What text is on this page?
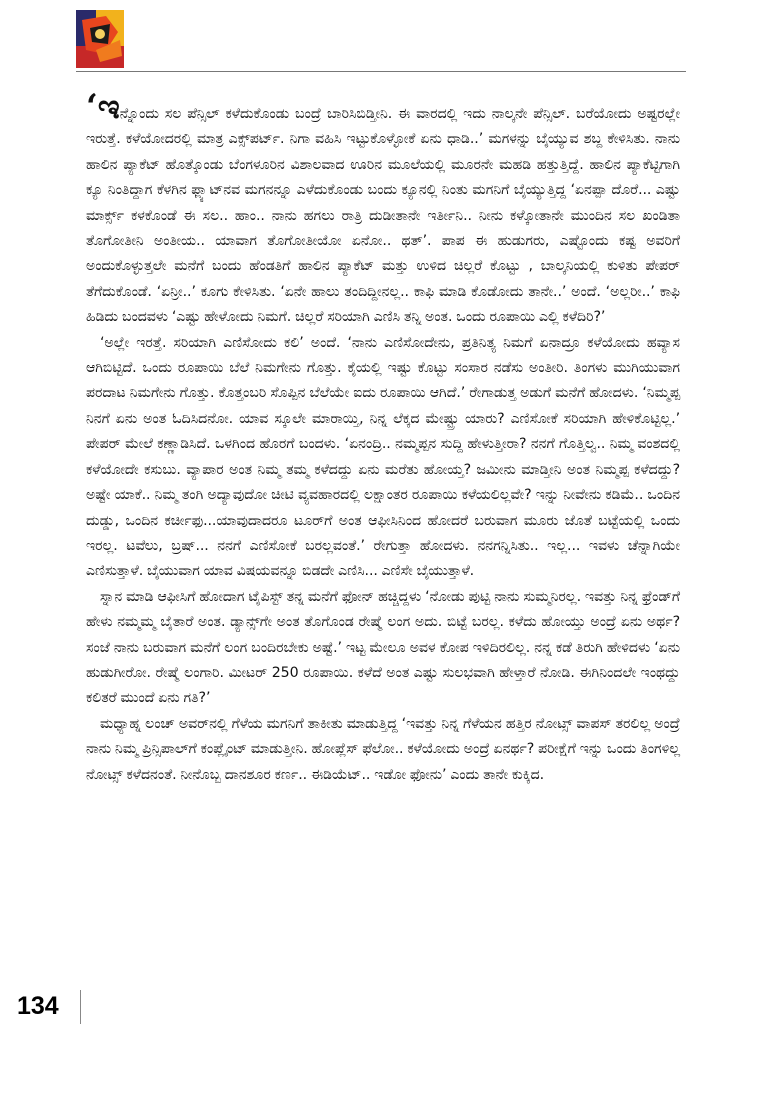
‘ಇನ್ನೊಂದು ಸಲ ಪೆನ್ಸಿಲ್ ಕಳೆದುಕೊಂಡು ಬಂದ್ರೆ ಬಾರಿಸಿಬಿಡ್ತೀನಿ. ಈ ವಾರದಲ್ಲಿ ಇದು ನಾಲ್ಕನೇ ಪೆನ್ಸಿಲ್. ಬರೆಯೋದು ಅಷ್ಟರಲ್ಲೇ ಇರುತ್ತೆ. ಕಳೆಯೋದರಲ್ಲಿ ಮಾತ್ರ ಎಕ್ಸ್‌ಪರ್ಟ್. ನಿಗಾ ವಹಿಸಿ ಇಟ್ಟುಕೊಳ್ಳೋಕೆ ಏನು ಧಾಡಿ..’ ಮಗಳನ್ನು ಬೈಯ್ಯುವ ಶಬ್ದ ಕೇಳಿಸಿತು. ನಾನು ಹಾಲಿನ ಪ್ಯಾಕೆಟ್ ಹೊತ್ಕೊಂಡು ಬೆಂಗಳೂರಿನ ವಿಶಾಲವಾದ ಊರಿನ ಮೂಲೆಯಲ್ಲಿ ಮೂರನೇ ಮಹಡಿ ಹತ್ತುತ್ತಿದ್ದೆ. ಹಾಲಿನ ಪ್ಯಾಕೆಟ್ಟಿಗಾಗಿ ಕ್ಯೂ ನಿಂತಿದ್ದಾಗ ಕೆಳಗಿನ ಫ್ಲ್ಯಾಟ್‌ನವ ಮಗನನ್ನೂ ಎಳೆದುಕೊಂಡು ಬಂದು ಕ್ಯೂನಲ್ಲಿ ನಿಂತು ಮಗನಿಗೆ ಬೈಯ್ಯುತ್ತಿದ್ದ ‘ಏನಪ್ಪಾ ದೊರೆ... ಎಷ್ಟು ಮಾರ್ಕ್ಸ್ ಕಳಕೊಂಡೆ ಈ ಸಲ.. ಹಾಂ.. ನಾನು ಹಗಲು ರಾತ್ರಿ ದುಡೀತಾನೇ ಇರ್ತೀನಿ.. ನೀನು ಕಳ್ಕೋತಾನೇ ಮುಂದಿನ ಸಲ ಖಂಡಿತಾ ತೊಗೋತೀನಿ ಅಂತೀಯ.. ಯಾವಾಗ ತೊಗೋತೀಯೋ ಏನೋ.. ಥತ್’. ಪಾಪ ಈ ಹುಡುಗರು, ಎಷ್ಟೊಂದು ಕಷ್ಟ ಅವರಿಗೆ ಅಂದುಕೊಳ್ಳುತ್ತಲೇ ಮನೆಗೆ ಬಂದು ಹೆಂಡತಿಗೆ ಹಾಲಿನ ಪ್ಯಾಕೆಟ್ ಮತ್ತು ಉಳಿದ ಚಿಲ್ಲರೆ ಕೊಟ್ಟು , ಬಾಲ್ಕನಿಯಲ್ಲಿ ಕುಳಿತು ಪೇಪರ್ ತೆಗೆದುಕೊಂಡೆ. ‘ಏನ್ರೀ..’ ಕೂಗು ಕೇಳಿಸಿತು. ‘ಏನೇ ಹಾಲು ತಂದಿದ್ದೀನಲ್ಲ.. ಕಾಫಿ ಮಾಡಿ ಕೊಡೋದು ತಾನೇ..’ ಅಂದೆ. ‘ಅಲ್ಲರೀ..’ ಕಾಫಿ ಹಿಡಿದು ಬಂದವಳು ‘ಎಷ್ಟು ಹೇಳೋದು ನಿಮಗೆ. ಚಿಲ್ಲರೆ ಸರಿಯಾಗಿ ಎಣಿಸಿ ತನ್ನಿ ಅಂತ. ಒಂದು ರೂಪಾಯಿ ಎಲ್ಲಿ ಕಳೆದಿರಿ?’

‘ಅಲ್ಲೇ ಇರತ್ತೆ. ಸರಿಯಾಗಿ ಎಣಿಸೋದು ಕಲಿ’ ಅಂದೆ. ‘ನಾನು ಎಣಿಸೋದೇನು, ಪ್ರತಿನಿತ್ಯ ನಿಮಗೆ ಏನಾದ್ರೂ ಕಳೆಯೋದು ಹವ್ಯಾಸ ಆಗಿಬಿಟ್ಟಿದೆ. ಒಂದು ರೂಪಾಯಿ ಬೆಲೆ ನಿಮಗೇನು ಗೊತ್ತು. ಕೈಯಲ್ಲಿ ಇಷ್ಟು ಕೊಟ್ಟು ಸಂಸಾರ ನಡೆಸು ಅಂತೀರಿ. ತಿಂಗಳು ಮುಗಿಯುವಾಗ ಪರದಾಟ ನಿಮಗೇನು ಗೊತ್ತು. ಕೊತ್ತಂಬರಿ ಸೊಪ್ಪಿನ ಬೆಲೆಯೇ ಐದು ರೂಪಾಯಿ ಆಗಿದೆ.’ ರೇಗಾಡುತ್ತ ಅಡುಗೆ ಮನೆಗೆ ಹೋದಳು. ‘ನಿಮ್ಮಪ್ಪ ನಿನಗೆ ಏನು ಅಂತ ಓದಿಸಿದನೋ. ಯಾವ ಸ್ಕೂಲೇ ಮಾರಾಯ್ತಿ, ನಿನ್ನ ಲೆಕ್ಕದ ಮೇಷ್ಟ್ರು ಯಾರು? ಎಣಿಸೋಕೆ ಸರಿಯಾಗಿ ಹೇಳಿಕೊಟ್ಟಿಲ್ಲ.’ ಪೇಪರ್ ಮೇಲೆ ಕಣ್ಣಾಡಿಸಿದೆ. ಒಳಗಿಂದ ಹೊರಗೆ ಬಂದಳು. ‘ಏನಂದ್ರಿ.. ನಮ್ಮಪ್ಪನ ಸುದ್ದಿ ಹೇಳುತ್ತೀರಾ? ನನಗೆ ಗೊತ್ತಿಲ್ವ.. ನಿಮ್ಮ ವಂಶದಲ್ಲಿ ಕಳೆಯೋದೇ ಕಸುಬು. ವ್ಯಾಪಾರ ಅಂತ ನಿಮ್ಮ ತಮ್ಮ ಕಳೆದದ್ದು ಏನು ಮರೆತು ಹೋಯ್ತ? ಜಮೀನು ಮಾಡ್ತೀನಿ ಅಂತ ನಿಮ್ಮಪ್ಪ ಕಳೆದದ್ದು? ಅಷ್ಟೇ ಯಾಕೆ.. ನಿಮ್ಮ ತಂಗಿ ಅದ್ಯಾವುದೋ ಚೀಟಿ ವ್ಯವಹಾರದಲ್ಲಿ ಲಕ್ಷಾಂತರ ರೂಪಾಯಿ ಕಳೆಯಲಿಲ್ಲವೇ? ಇನ್ನು ನೀವೇನು ಕಡಿಮೆ.. ಒಂದಿನ ದುಡ್ಡು, ಒಂದಿನ ಕರ್ಚೀಫು...ಯಾವುದಾದರೂ ಟೂರ್‌ಗೆ ಅಂತ ಆಫೀಸಿನಿಂದ ಹೋದರೆ ಬರುವಾಗ ಮೂರು ಜೊತೆ ಬಟ್ಟೆಯಲ್ಲಿ ಒಂದು ಇರಲ್ಲ. ಟವೆಲು, ಬ್ರಷ್... ನನಗೆ ಎಣಿಸೋಕೆ ಬರಲ್ಲವಂತೆ.’ ರೇಗುತ್ತಾ ಹೋದಳು. ನನಗನ್ನಿಸಿತು.. ಇಲ್ಲ... ಇವಳು ಚೆನ್ನಾಗಿಯೇ ಎಣಿಸುತ್ತಾಳೆ. ಬೈಯುವಾಗ ಯಾವ ವಿಷಯವನ್ನೂ ಬಿಡದೇ ಎಣಿಸಿ... ಎಣಿಸೇ ಬೈಯುತ್ತಾಳೆ.

ಸ್ನಾನ ಮಾಡಿ ಆಫೀಸಿಗೆ ಹೋದಾಗ ಟೈಪಿಸ್ಟ್ ತನ್ನ ಮನೆಗೆ ಫೋನ್ ಹಚ್ಚಿದ್ದಳು ‘ನೋಡು ಪುಟ್ಟಿ ನಾನು ಸುಮ್ಮನಿರಲ್ಲ. ಇವತ್ತು ನಿನ್ನ ಫ್ರೆಂಡ್‌ಗೆ ಹೇಳು ನಮ್ಮಮ್ಮ ಬೈತಾರೆ ಅಂತ. ಡ್ಯಾನ್ಸ್‌ಗೇ ಅಂತ ತೊಗೊಂಡ ರೇಷ್ಮೆ ಲಂಗ ಅದು. ಬಿಟ್ಟೆ ಬರಲ್ಲ. ಕಳೆದು ಹೋಯ್ತು ಅಂದ್ರೆ ಏನು ಅರ್ಥ? ಸಂಜೆ ನಾನು ಬರುವಾಗ ಮನೆಗೆ ಲಂಗ ಬಂದಿರಬೇಕು ಅಷ್ಟೆ.’ ಇಟ್ಟ ಮೇಲೂ ಅವಳ ಕೋಪ ಇಳಿದಿರಲಿಲ್ಲ. ನನ್ನ ಕಡೆ ತಿರುಗಿ ಹೇಳಿದಳು ‘ಏನು ಹುಡುಗೀರೋ. ರೇಷ್ಮೆ ಲಂಗಾರಿ. ಮೀಟರ್ 250 ರೂಪಾಯಿ. ಕಳೆದೆ ಅಂತ ಎಷ್ಟು ಸುಲಭವಾಗಿ ಹೇಳ್ತಾರೆ ನೋಡಿ. ಈಗಿನಿಂದಲೇ ಇಂಥದ್ದು ಕಲಿತರೆ ಮುಂದೆ ಏನು ಗತಿ?’

ಮಧ್ಯಾಹ್ನ ಲಂಚ್ ಅವರ್‌ನಲ್ಲಿ ಗೆಳೆಯ ಮಗನಿಗೆ ತಾಕೀತು ಮಾಡುತ್ತಿದ್ದ ‘ಇವತ್ತು ನಿನ್ನ ಗೆಳೆಯನ ಹತ್ತಿರ ನೋಟ್ಸ್ ವಾಪಸ್ ತರಲಿಲ್ಲ ಅಂದ್ರೆ ನಾನು ನಿಮ್ಮ ಪ್ರಿನ್ಸಿಪಾಲ್‌ಗೆ ಕಂಪ್ಲೈಂಟ್ ಮಾಡುತ್ತೀನಿ. ಹೋಪ್ಲೆಸ್ ಫೆಲೋ.. ಕಳೆಯೋದು ಅಂದ್ರೆ ಏನರ್ಥ? ಪರೀಕ್ಷೆಗೆ ಇನ್ನು ಒಂದು ತಿಂಗಳಿಲ್ಲ ನೋಟ್ಸ್ ಕಳೆದನಂತೆ. ನೀನೊಬ್ಬ ದಾನಶೂರ ಕರ್ಣ.. ಈಡಿಯೆಟ್.. ಇಡೋ ಫೋನು’ ಎಂದು ತಾನೇ ಕುಕ್ಕಿದ.

134
